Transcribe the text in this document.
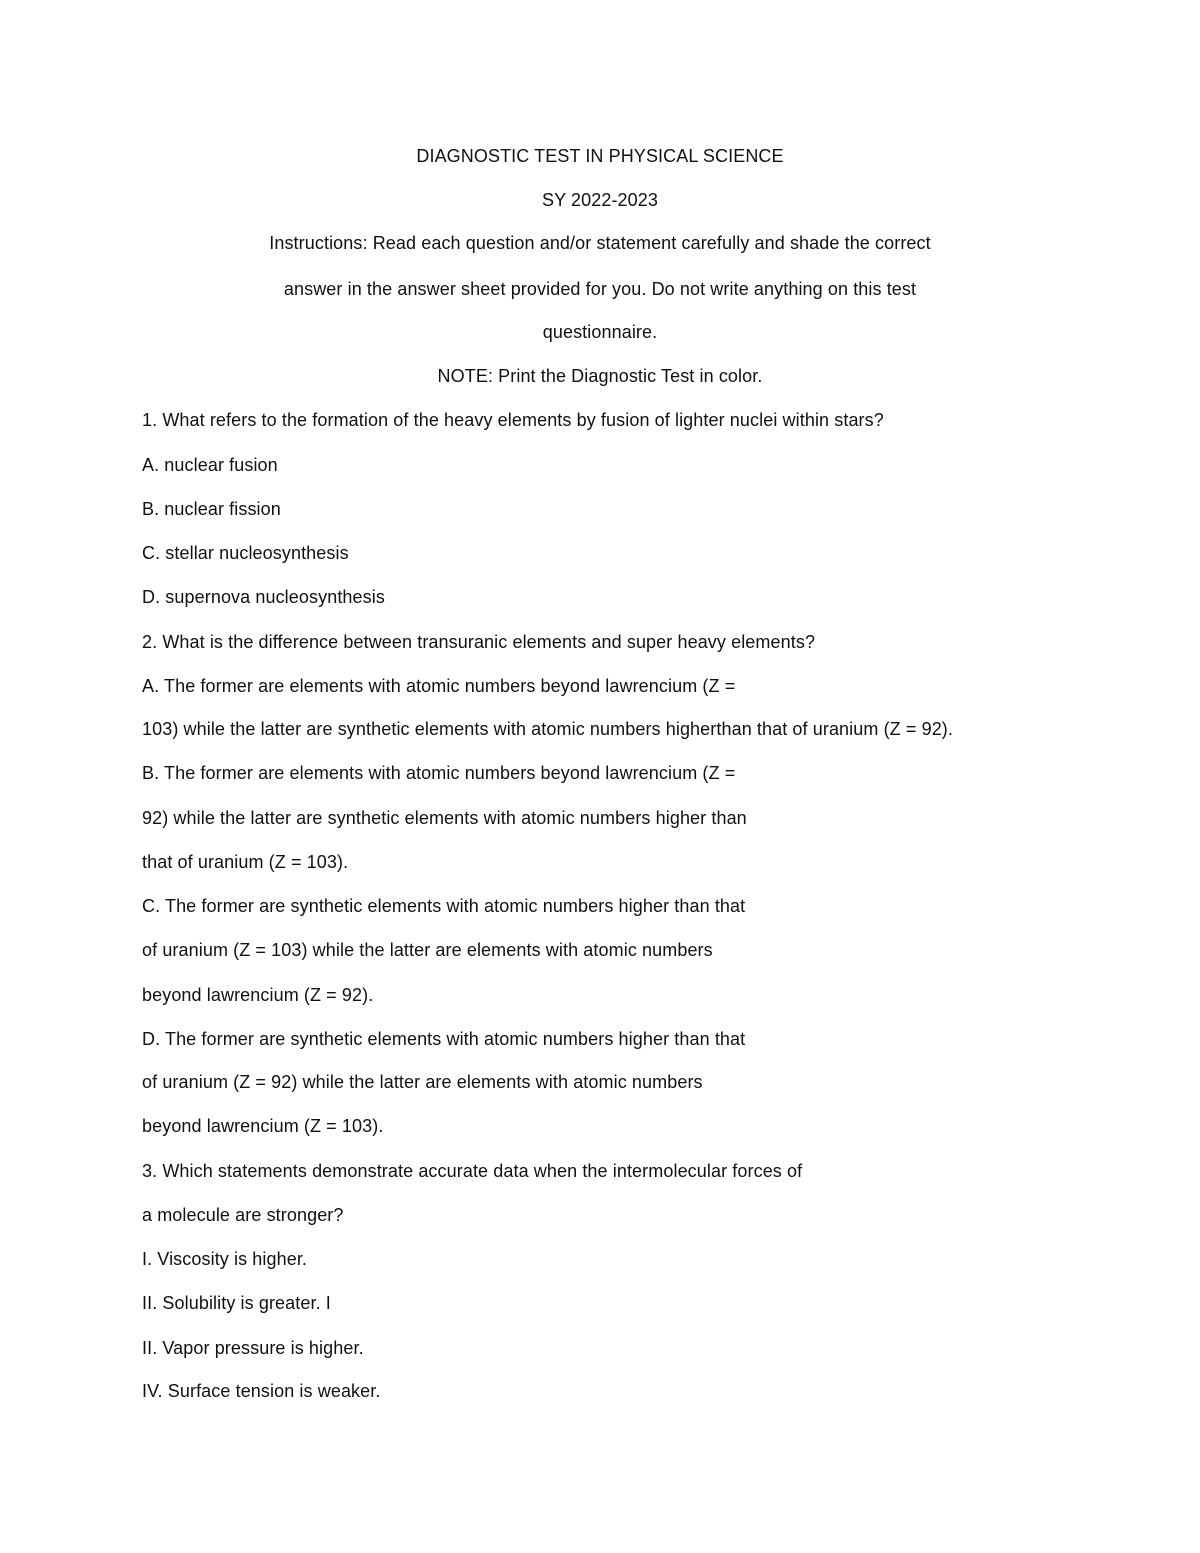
DIAGNOSTIC TEST IN PHYSICAL SCIENCE
SY 2022-2023
Instructions: Read each question and/or statement carefully and shade the correct
answer in the answer sheet provided for you. Do not write anything on this test
questionnaire.
NOTE: Print the Diagnostic Test in color.
1. What refers to the formation of the heavy elements by fusion of lighter nuclei within stars?
A. nuclear fusion
B. nuclear fission
C. stellar nucleosynthesis
D. supernova nucleosynthesis
2. What is the difference between transuranic elements and super heavy elements?
A. The former are elements with atomic numbers beyond lawrencium (Z =
103) while the latter are synthetic elements with atomic numbers higherthan that of uranium (Z = 92).
B. The former are elements with atomic numbers beyond lawrencium (Z =
92) while the latter are synthetic elements with atomic numbers higher than
that of uranium (Z = 103).
C. The former are synthetic elements with atomic numbers higher than that
of uranium (Z = 103) while the latter are elements with atomic numbers
beyond lawrencium (Z = 92).
D. The former are synthetic elements with atomic numbers higher than that
of uranium (Z = 92) while the latter are elements with atomic numbers
beyond lawrencium (Z = 103).
3. Which statements demonstrate accurate data when the intermolecular forces of
a molecule are stronger?
I. Viscosity is higher.
II. Solubility is greater. I
II. Vapor pressure is higher.
IV. Surface tension is weaker.
